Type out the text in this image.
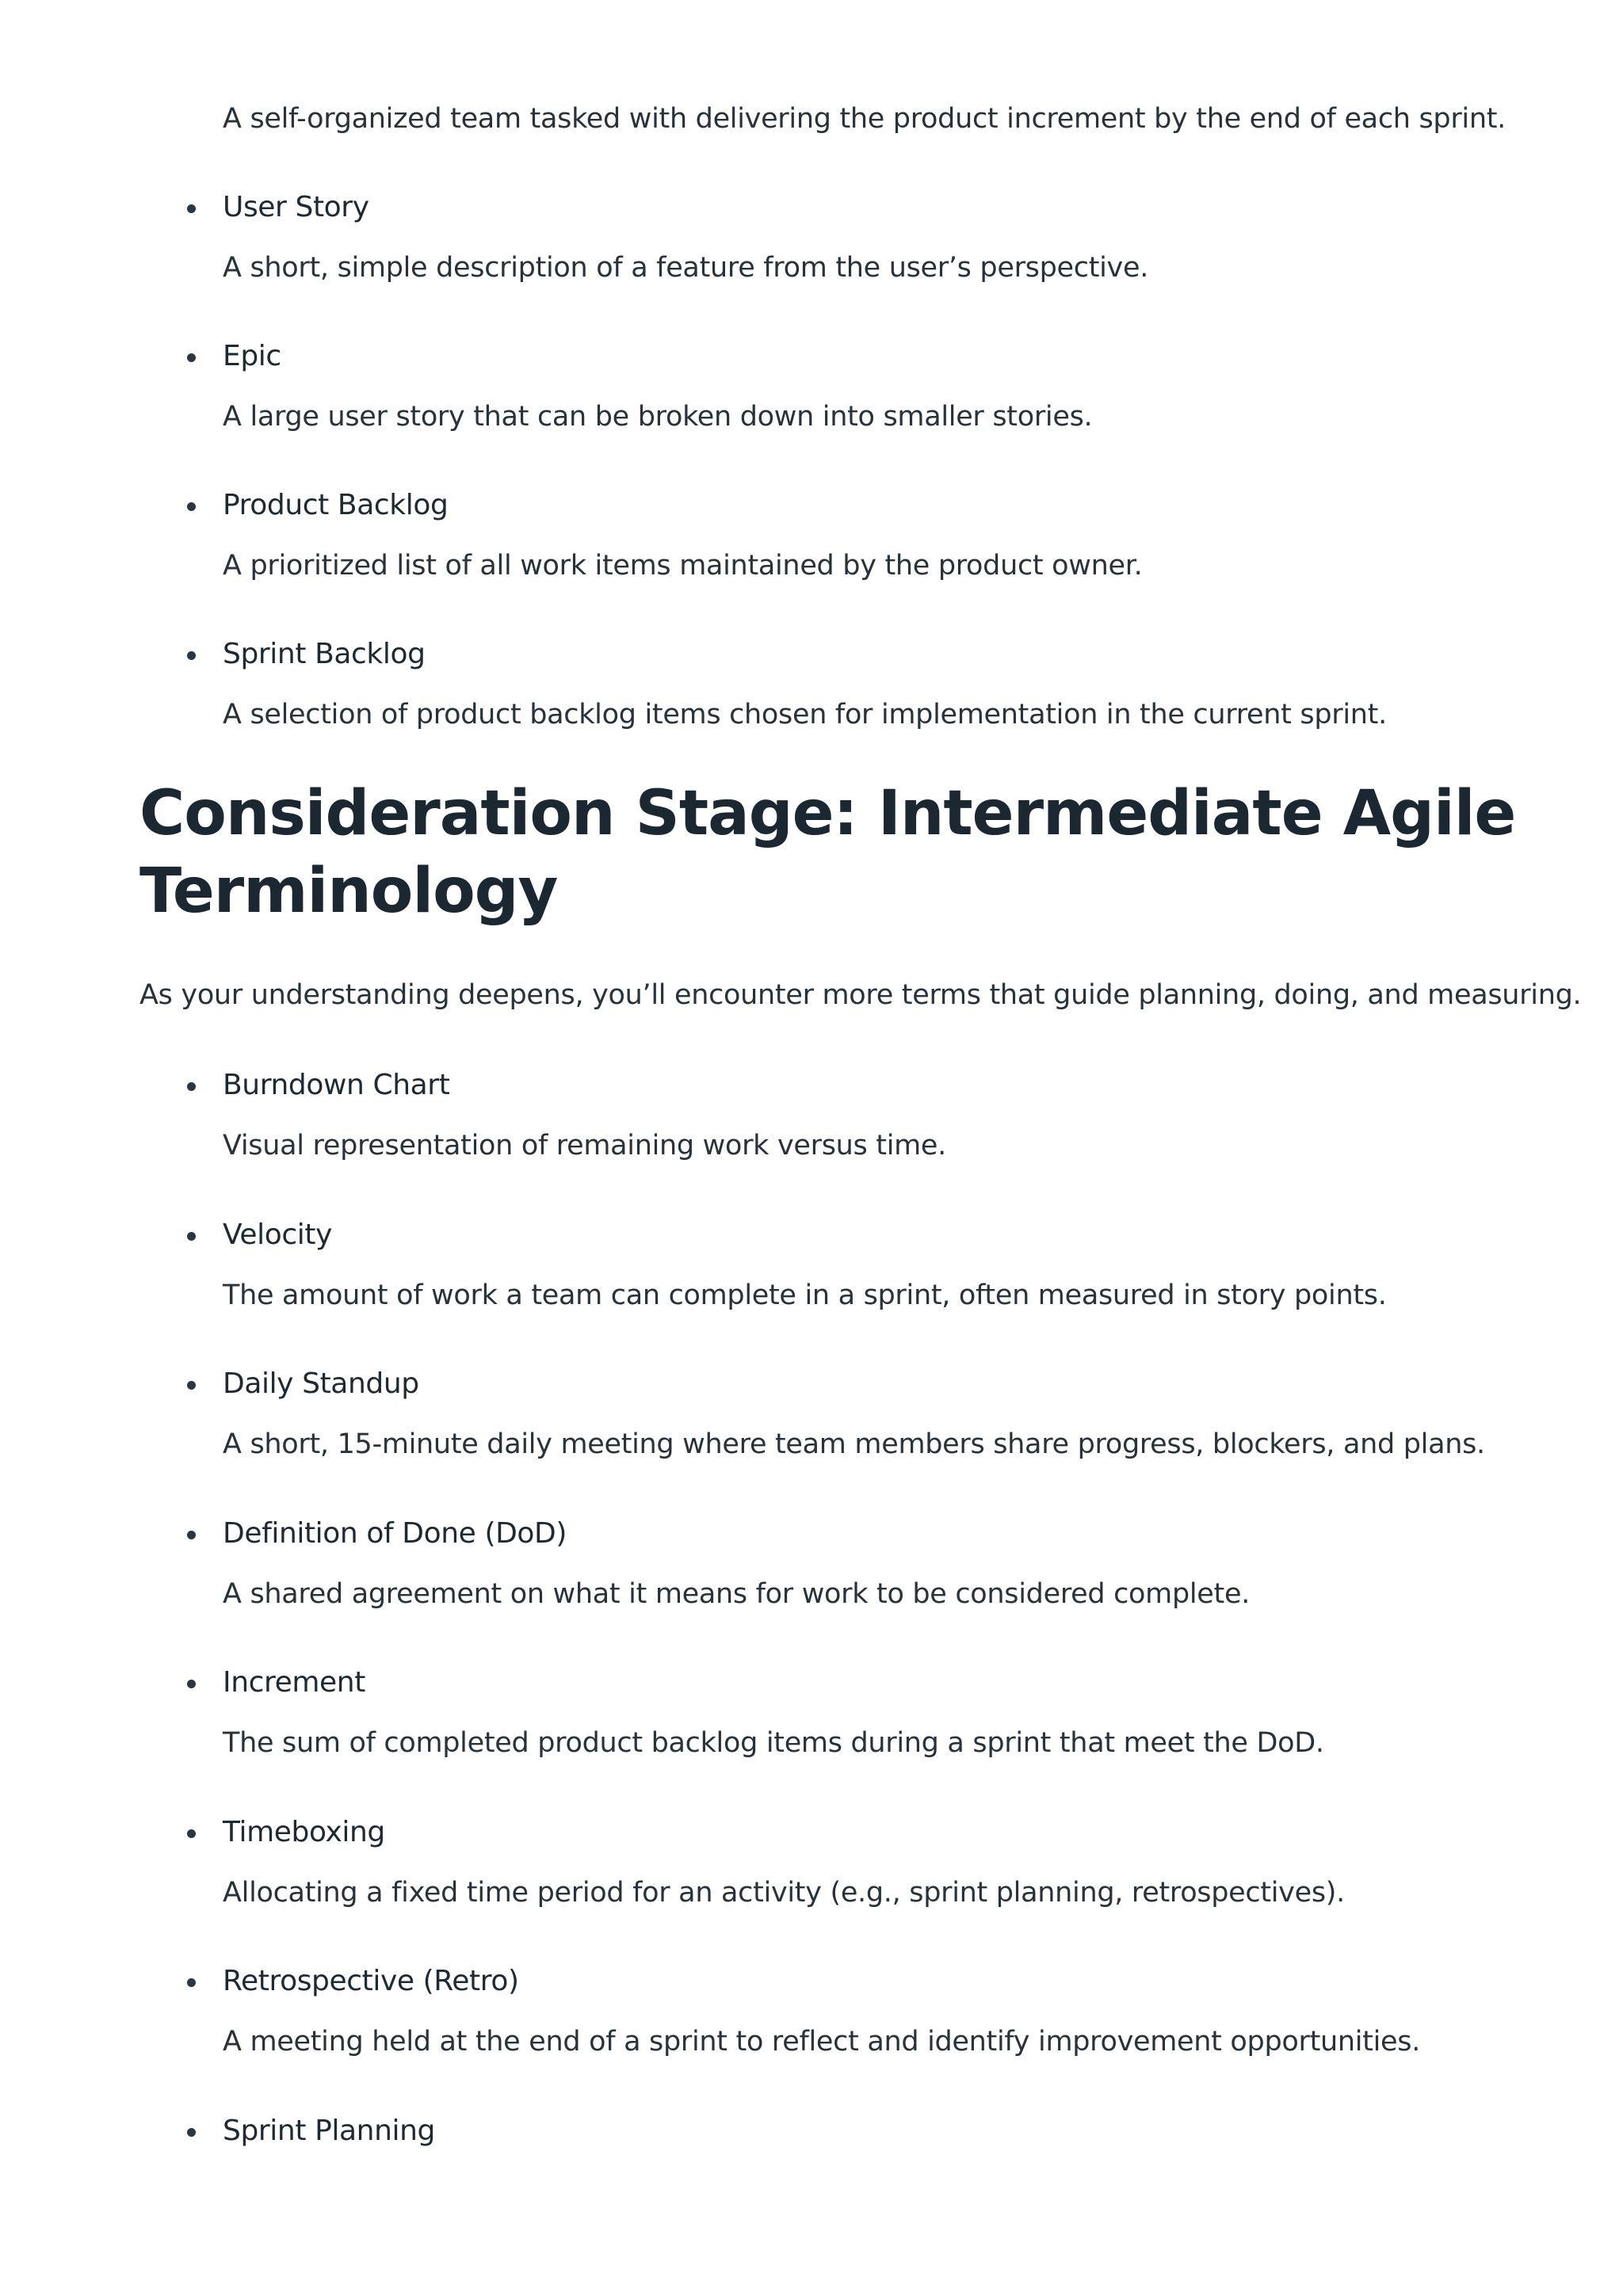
A self-organized team tasked with delivering the product increment by the end of each sprint.

User Story
A short, simple description of a feature from the user’s perspective.
Epic
A large user story that can be broken down into smaller stories.
Product Backlog
A prioritized list of all work items maintained by the product owner.
Sprint Backlog
A selection of product backlog items chosen for implementation in the current sprint.
Consideration Stage: Intermediate Agile Terminology

As your understanding deepens, you’ll encounter more terms that guide planning, doing, and measuring.

Burndown Chart
Visual representation of remaining work versus time.
Velocity
The amount of work a team can complete in a sprint, often measured in story points.
Daily Standup
A short, 15-minute daily meeting where team members share progress, blockers, and plans.
Definition of Done (DoD)
A shared agreement on what it means for work to be considered complete.
Increment
The sum of completed product backlog items during a sprint that meet the DoD.
Timeboxing
Allocating a fixed time period for an activity (e.g., sprint planning, retrospectives).
Retrospective (Retro)
A meeting held at the end of a sprint to reflect and identify improvement opportunities.
Sprint Planning
